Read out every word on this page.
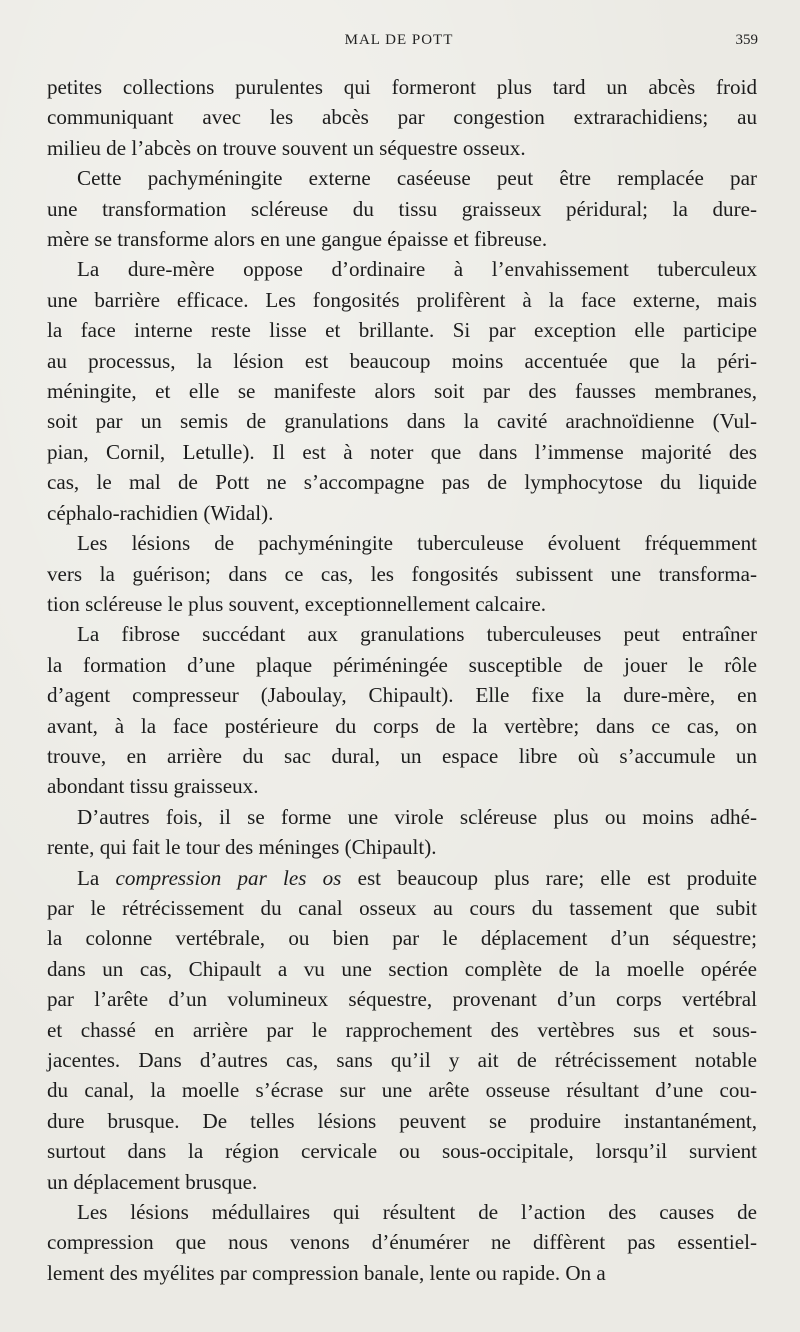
MAL DE POTT	359
petites collections purulentes qui formeront plus tard un abcès froid
communiquant avec les abcès par congestion extrarachidiens; au
milieu de l’abcès on trouve souvent un séquestre osseux.
Cette pachyméningite externe caséeuse peut être remplacée par
une transformation scléreuse du tissu graisseux péridural; la dure-
mère se transforme alors en une gangue épaisse et fibreuse.
La dure-mère oppose d’ordinaire à l’envahissement tuberculeux
une barrière efficace. Les fongosités prolifèrent à la face externe, mais
la face interne reste lisse et brillante. Si par exception elle participe
au processus, la lésion est beaucoup moins accentuée que la péri-
méningite, et elle se manifeste alors soit par des fausses membranes,
soit par un semis de granulations dans la cavité arachnoïdienne (Vul-
pian, Cornil, Letulle). Il est à noter que dans l’immense majorité des
cas, le mal de Pott ne s’accompagne pas de lymphocytose du liquide
céphalo-rachidien (Widal).
Les lésions de pachyméningite tuberculeuse évoluent fréquemment
vers la guérison; dans ce cas, les fongosités subissent une transforma-
tion scléreuse le plus souvent, exceptionnellement calcaire.
La fibrose succédant aux granulations tuberculeuses peut entraîner
la formation d’une plaque périméningée susceptible de jouer le rôle
d’agent compresseur (Jaboulay, Chipault). Elle fixe la dure-mère, en
avant, à la face postérieure du corps de la vertèbre; dans ce cas, on
trouve, en arrière du sac dural, un espace libre où s’accumule un
abondant tissu graisseux.
D’autres fois, il se forme une virole scléreuse plus ou moins adhé-
rente, qui fait le tour des méninges (Chipault).
La compression par les os est beaucoup plus rare; elle est produite
par le rétrécissement du canal osseux au cours du tassement que subit
la colonne vertébrale, ou bien par le déplacement d’un séquestre;
dans un cas, Chipault a vu une section complète de la moelle opérée
par l’arête d’un volumineux séquestre, provenant d’un corps vertébral
et chassé en arrière par le rapprochement des vertèbres sus et sous-
jacentes. Dans d’autres cas, sans qu’il y ait de rétrécissement notable
du canal, la moelle s’écrase sur une arête osseuse résultant d’une cou-
dure brusque. De telles lésions peuvent se produire instantanément,
surtout dans la région cervicale ou sous-occipitale, lorsqu’il survient
un déplacement brusque.
Les lésions médullaires qui résultent de l’action des causes de
compression que nous venons d’énumérer ne diffèrent pas essentiel-
lement des myélites par compression banale, lente ou rapide. On a
